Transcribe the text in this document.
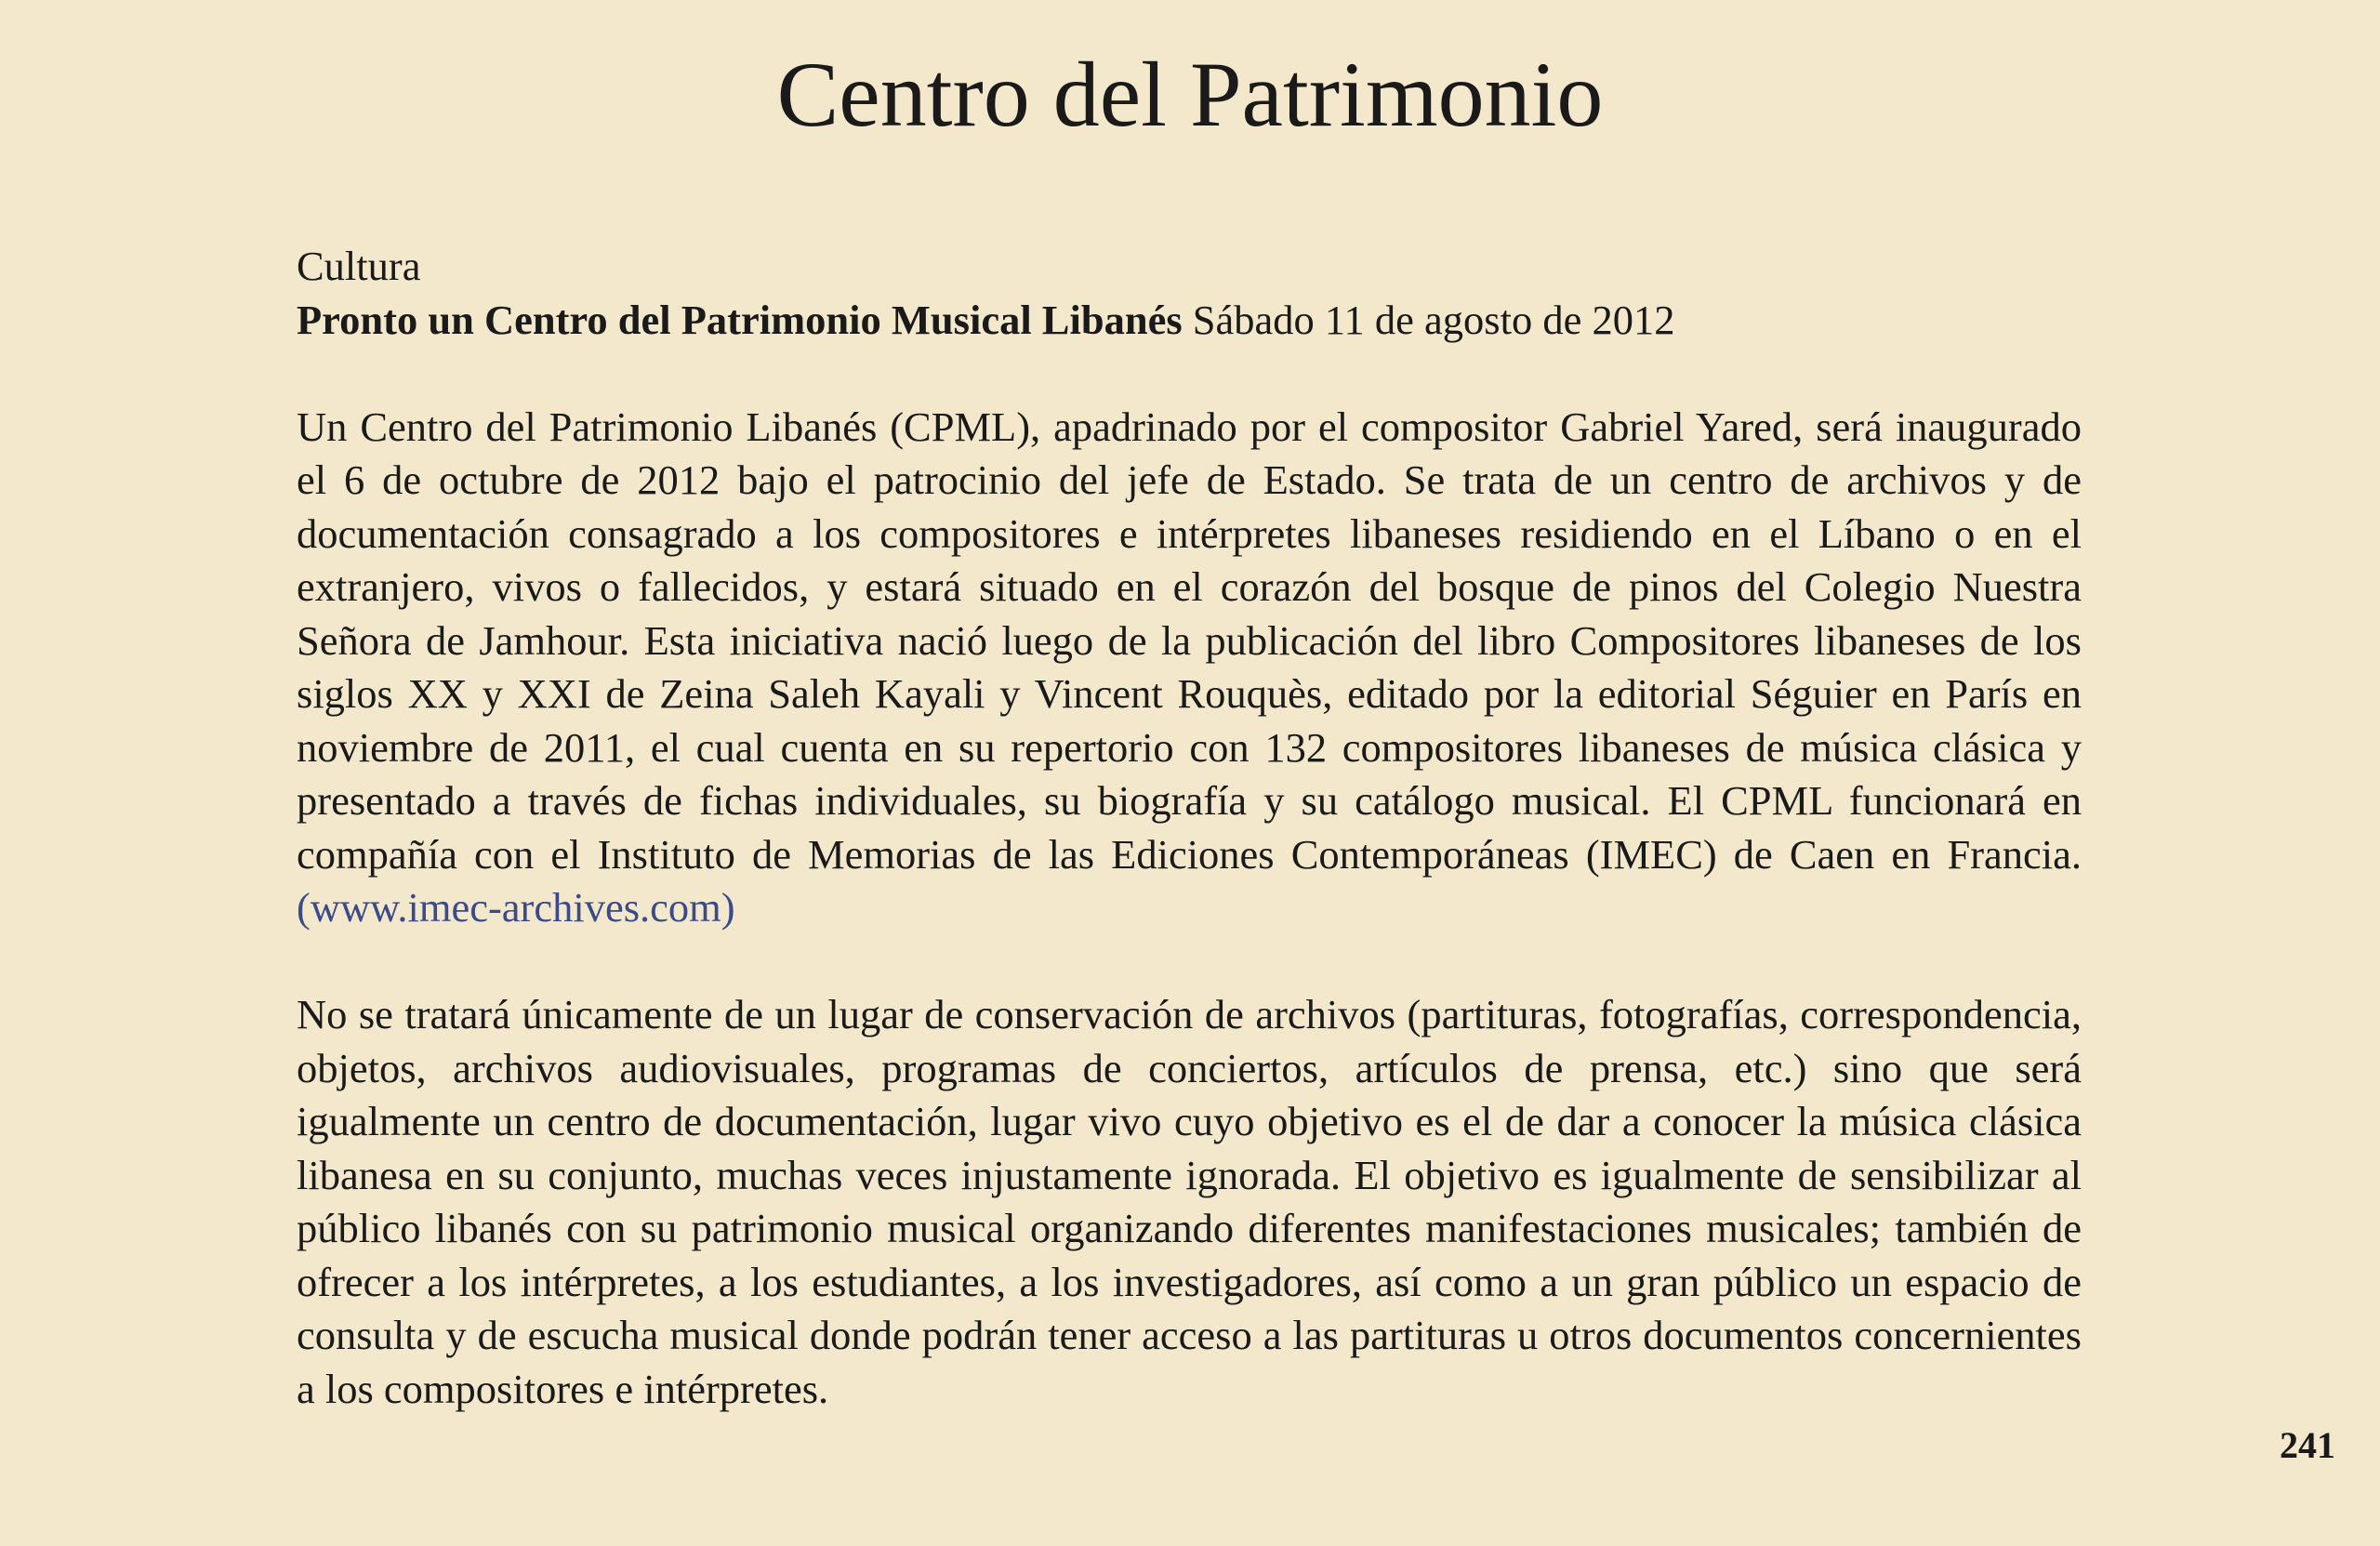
Centro del Patrimonio

Cultura

Pronto un Centro del Patrimonio Musical Libanés Sábado 11 de agosto de 2012

Un Centro del Patrimonio Libanés (CPML), apadrinado por el compositor Gabriel Yared, será inaugurado el 6 de octubre de 2012 bajo el patrocinio del jefe de Estado. Se trata de un centro de archivos y de documentación consagrado a los compositores e intérpretes libaneses residiendo en el Líbano o en el extranjero, vivos o fallecidos, y estará situado en el corazón del bosque de pinos del Colegio Nuestra Señora de Jamhour. Esta iniciativa nació luego de la publicación del libro Compositores libaneses de los siglos XX y XXI de Zeina Saleh Kayali y Vincent Rouquès, editado por la editorial Séguier en París en noviembre de 2011, el cual cuenta en su repertorio con 132 compositores libaneses de música clásica y presentado a través de fichas individuales, su biografía y su catálogo musical. El CPML funcionará en compañía con el Instituto de Memorias de las Ediciones Contemporáneas (IMEC) de Caen en Francia. (www.imec-archives.com)

No se tratará únicamente de un lugar de conservación de archivos (partituras, fotografías, correspondencia, objetos, archivos audiovisuales, programas de conciertos, artículos de prensa, etc.) sino que será igualmente un centro de documentación, lugar vivo cuyo objetivo es el de dar a conocer la música clásica libanesa en su conjunto, muchas veces injustamente ignorada. El objetivo es igualmente de sensibilizar al público libanés con su patrimonio musical organizando diferentes manifestaciones musicales; también de ofrecer a los intérpretes, a los estudiantes, a los investigadores, así como a un gran público un espacio de consulta y de escucha musical donde podrán tener acceso a las partituras u otros documentos concernientes a los compositores e intérpretes.

241
